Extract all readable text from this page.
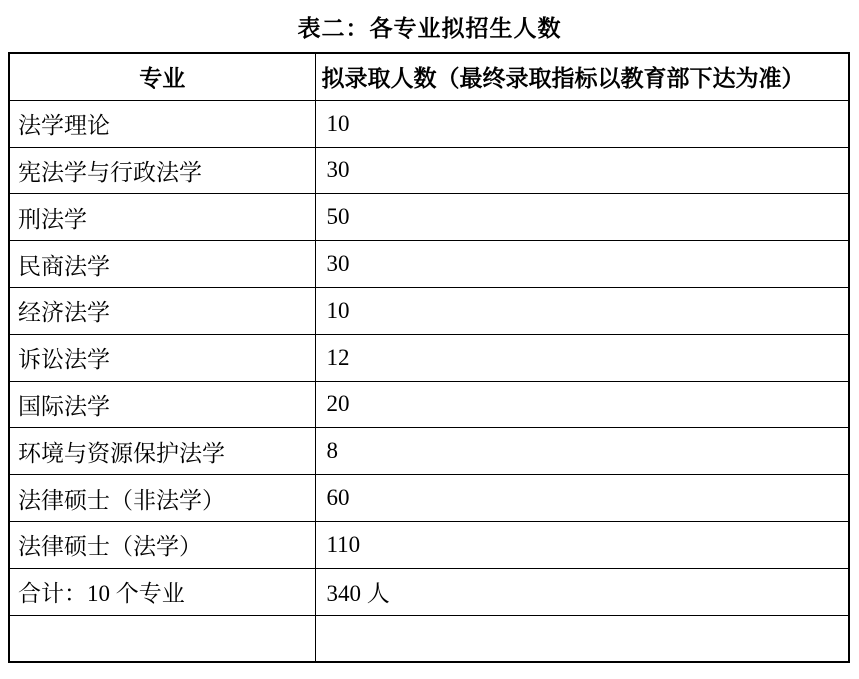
表二：各专业拟招生人数
专业	拟录取人数（最终录取指标以教育部下达为准）
法学理论	10
宪法学与行政法学	30
刑法学	50
民商法学	30
经济法学	10
诉讼法学	12
国际法学	20
环境与资源保护法学	8
法律硕士（非法学）	60
法律硕士（法学）	110
合计：10 个专业	340 人
